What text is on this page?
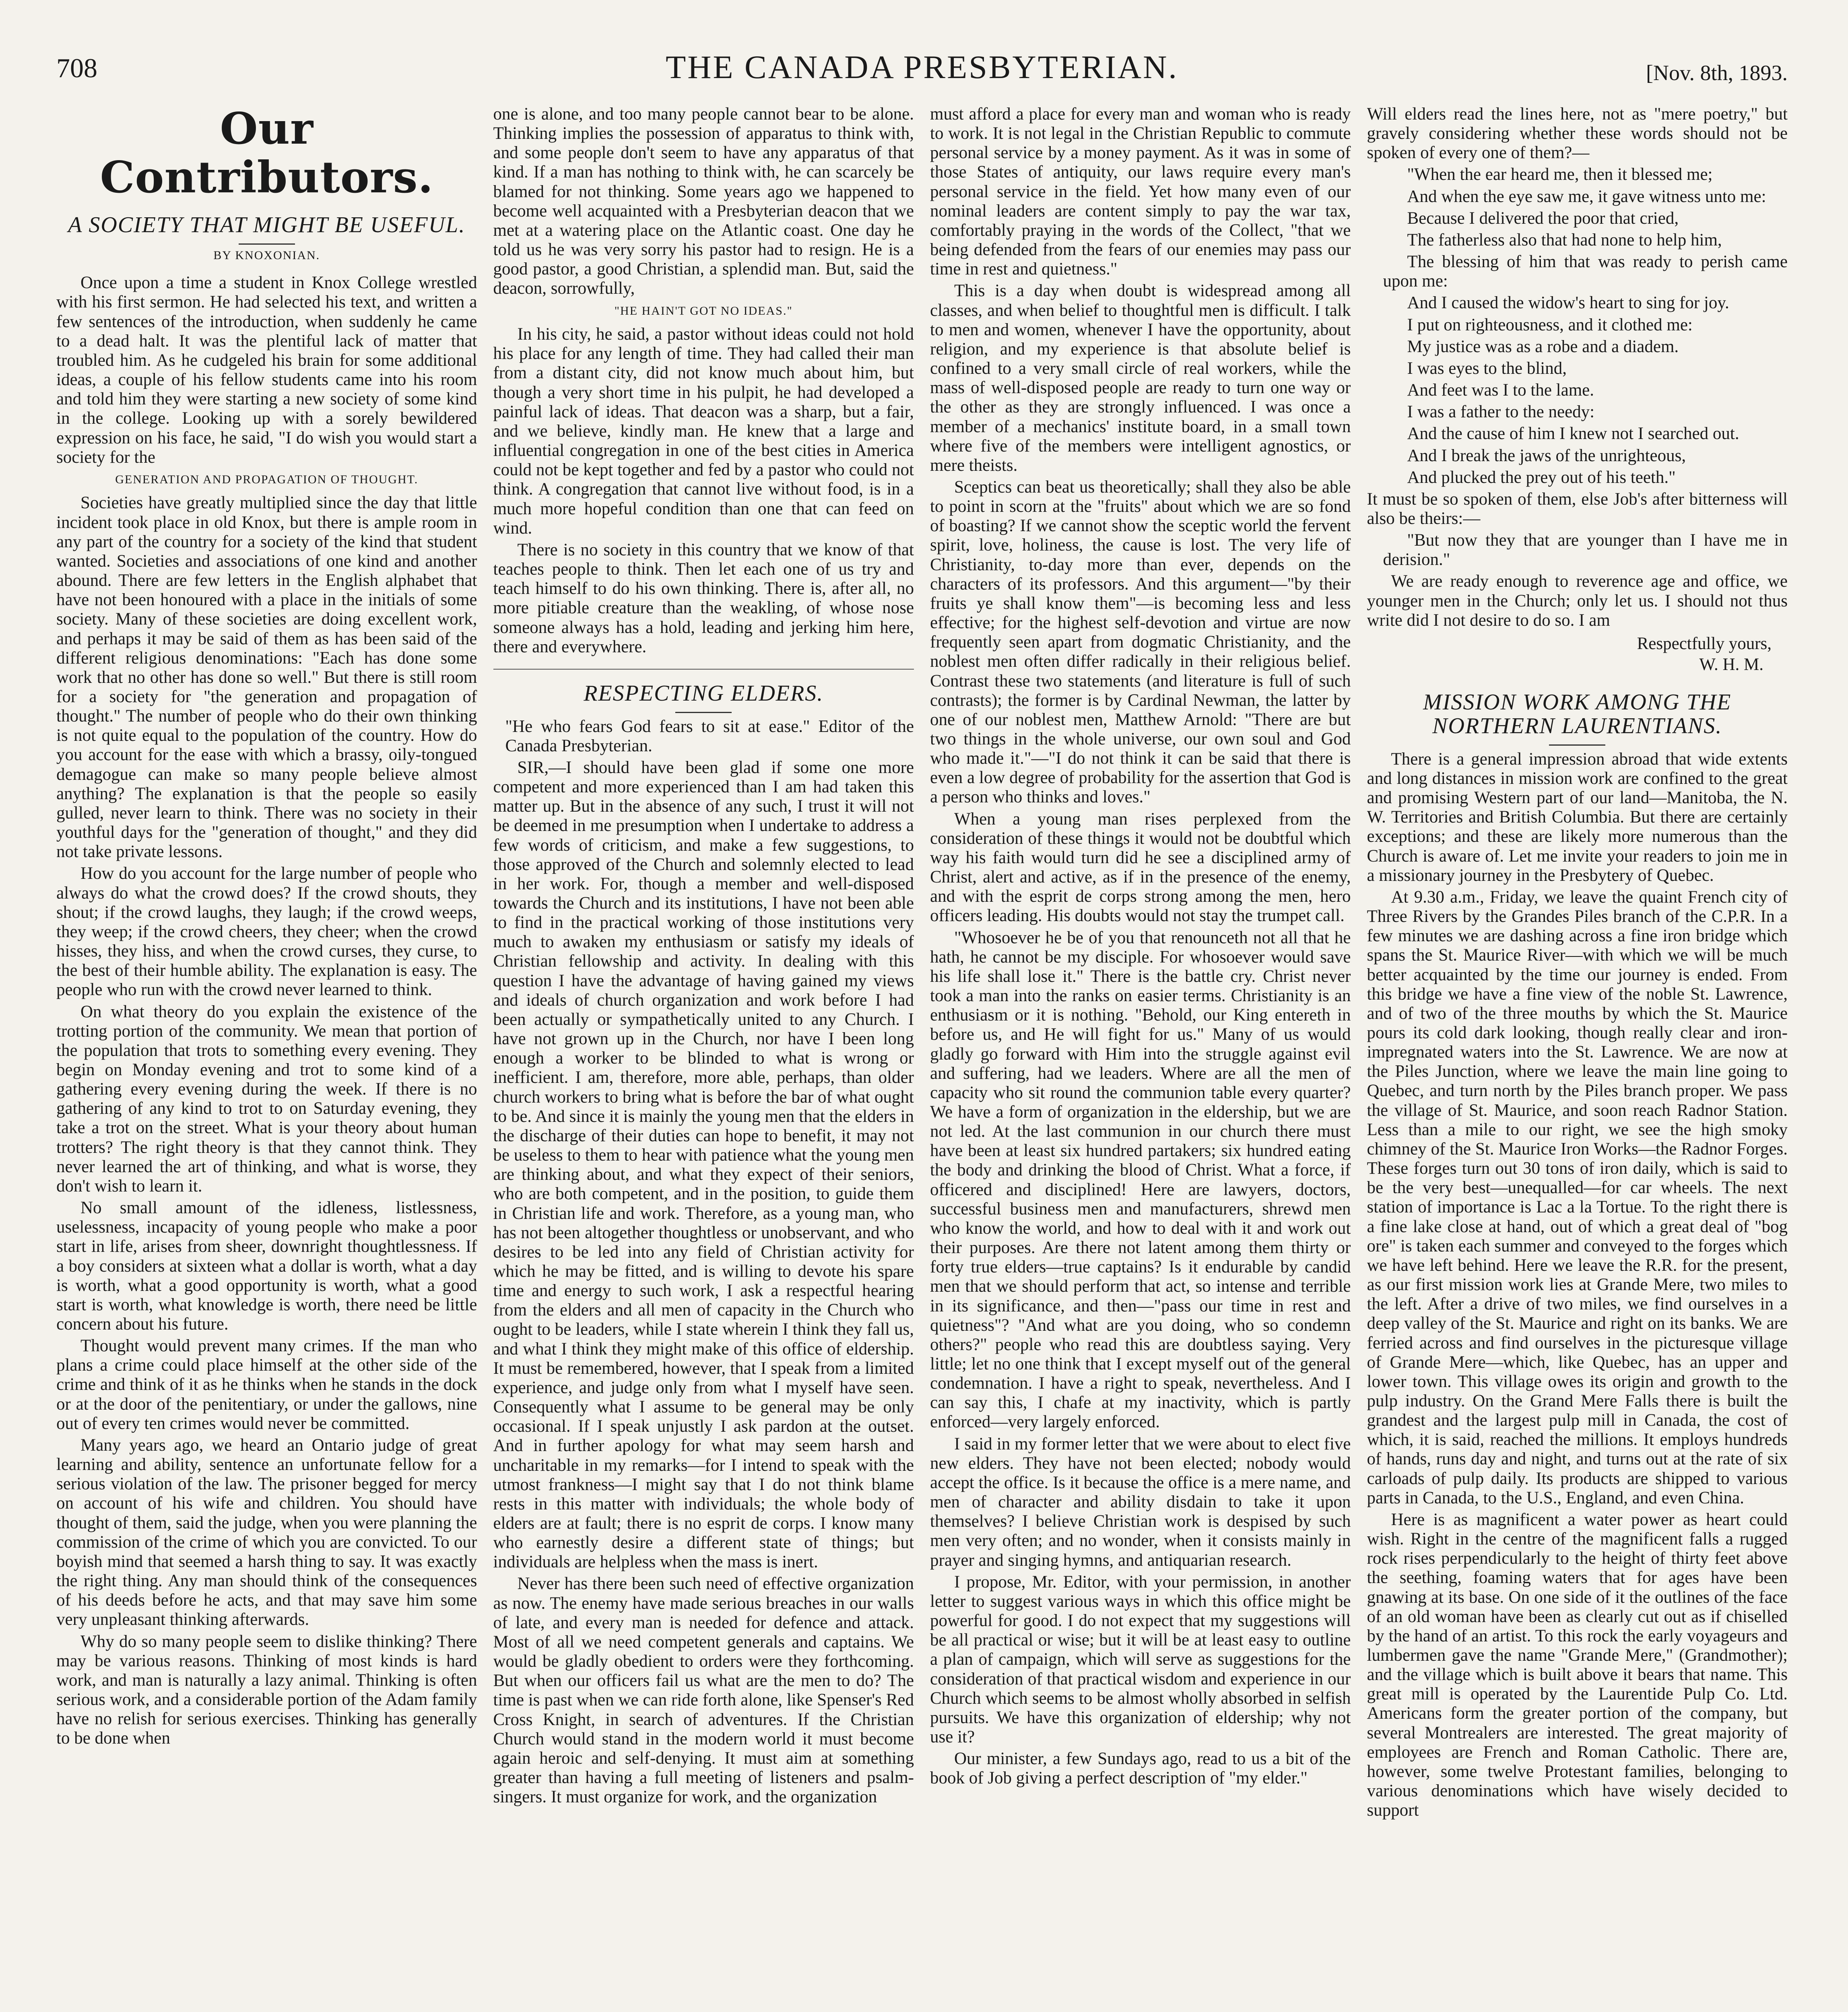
708	THE CANADA PRESBYTERIAN.	[Nov. 8th, 1893.
Our Contributors.
A SOCIETY THAT MIGHT BE USEFUL.
BY KNOXONIAN.

Once upon a time a student in Knox College wrestled with his first sermon. He had selected his text, and written a few sentences of the introduction, when suddenly he came to a dead halt. It was the plentiful lack of matter that troubled him. As he cudgeled his brain for some additional ideas, a couple of his fellow students came into his room and told him they were starting a new society of some kind in the college. Looking up with a sorely bewildered expression on his face, he said, "I do wish you would start a society for the

GENERATION AND PROPAGATION OF THOUGHT.

Societies have greatly multiplied since the day that little incident took place in old Knox, but there is ample room in any part of the country for a society of the kind that student wanted. Societies and associations of one kind and another abound. There are few letters in the English alphabet that have not been honoured with a place in the initials of some society. Many of these societies are doing excellent work, and perhaps it may be said of them as has been said of the different religious denominations: "Each has done some work that no other has done so well." But there is still room for a society for "the generation and propagation of thought." The number of people who do their own thinking is not quite equal to the population of the country. How do you account for the ease with which a brassy, oily-tongued demagogue can make so many people believe almost anything? The explanation is that the people so easily gulled, never learn to think. There was no society in their youthful days for the "generation of thought," and they did not take private lessons.

How do you account for the large number of people who always do what the crowd does? If the crowd shouts, they shout; if the crowd laughs, they laugh; if the crowd weeps, they weep; if the crowd cheers, they cheer; when the crowd hisses, they hiss, and when the crowd curses, they curse, to the best of their humble ability. The explanation is easy. The people who run with the crowd never learned to think.

On what theory do you explain the existence of the trotting portion of the community. We mean that portion of the population that trots to something every evening. They begin on Monday evening and trot to some kind of a gathering every evening during the week. If there is no gathering of any kind to trot to on Saturday evening, they take a trot on the street. What is your theory about human trotters? The right theory is that they cannot think. They never learned the art of thinking, and what is worse, they don't wish to learn it.

No small amount of the idleness, listlessness, uselessness, incapacity of young people who make a poor start in life, arises from sheer, downright thoughtlessness. If a boy considers at sixteen what a dollar is worth, what a day is worth, what a good opportunity is worth, what a good start is worth, what knowledge is worth, there need be little concern about his future.

Thought would prevent many crimes. If the man who plans a crime could place himself at the other side of the crime and think of it as he thinks when he stands in the dock or at the door of the penitentiary, or under the gallows, nine out of every ten crimes would never be committed.

Many years ago, we heard an Ontario judge of great learning and ability, sentence an unfortunate fellow for a serious violation of the law. The prisoner begged for mercy on account of his wife and children. You should have thought of them, said the judge, when you were planning the commission of the crime of which you are convicted. To our boyish mind that seemed a harsh thing to say. It was exactly the right thing. Any man should think of the consequences of his deeds before he acts, and that may save him some very unpleasant thinking afterwards.

Why do so many people seem to dislike thinking? There may be various reasons. Thinking of most kinds is hard work, and man is naturally a lazy animal. Thinking is often serious work, and a considerable portion of the Adam family have no relish for serious exercises. Thinking has generally to be done when

one is alone, and too many people cannot bear to be alone. Thinking implies the possession of apparatus to think with, and some people don't seem to have any apparatus of that kind. If a man has nothing to think with, he can scarcely be blamed for not thinking. Some years ago we happened to become well acquainted with a Presbyterian deacon that we met at a watering place on the Atlantic coast. One day he told us he was very sorry his pastor had to resign. He is a good pastor, a good Christian, a splendid man. But, said the deacon, sorrowfully,

"HE HAIN'T GOT NO IDEAS."

In his city, he said, a pastor without ideas could not hold his place for any length of time. They had called their man from a distant city, did not know much about him, but though a very short time in his pulpit, he had developed a painful lack of ideas. That deacon was a sharp, but a fair, and we believe, kindly man. He knew that a large and influential congregation in one of the best cities in America could not be kept together and fed by a pastor who could not think. A congregation that cannot live without food, is in a much more hopeful condition than one that can feed on wind.

There is no society in this country that we know of that teaches people to think. Then let each one of us try and teach himself to do his own thinking. There is, after all, no more pitiable creature than the weakling, of whose nose someone always has a hold, leading and jerking him here, there and everywhere.

RESPECTING ELDERS.

"He who fears God fears to sit at ease." Editor of the Canada Presbyterian.

SIR,—I should have been glad if some one more competent and more experienced than I am had taken this matter up. But in the absence of any such, I trust it will not be deemed in me presumption when I undertake to address a few words of criticism, and make a few suggestions, to those approved of the Church and solemnly elected to lead in her work. For, though a member and well-disposed towards the Church and its institutions, I have not been able to find in the practical working of those institutions very much to awaken my enthusiasm or satisfy my ideals of Christian fellowship and activity. In dealing with this question I have the advantage of having gained my views and ideals of church organization and work before I had been actually or sympathetically united to any Church. I have not grown up in the Church, nor have I been long enough a worker to be blinded to what is wrong or inefficient. I am, therefore, more able, perhaps, than older church workers to bring what is before the bar of what ought to be. And since it is mainly the young men that the elders in the discharge of their duties can hope to benefit, it may not be useless to them to hear with patience what the young men are thinking about, and what they expect of their seniors, who are both competent, and in the position, to guide them in Christian life and work. Therefore, as a young man, who has not been altogether thoughtless or unobservant, and who desires to be led into any field of Christian activity for which he may be fitted, and is willing to devote his spare time and energy to such work, I ask a respectful hearing from the elders and all men of capacity in the Church who ought to be leaders, while I state wherein I think they fall us, and what I think they might make of this office of eldership. It must be remembered, however, that I speak from a limited experience, and judge only from what I myself have seen. Consequently what I assume to be general may be only occasional. If I speak unjustly I ask pardon at the outset. And in further apology for what may seem harsh and uncharitable in my remarks—for I intend to speak with the utmost frankness—I might say that I do not think blame rests in this matter with individuals; the whole body of elders are at fault; there is no esprit de corps. I know many who earnestly desire a different state of things; but individuals are helpless when the mass is inert.

Never has there been such need of effective organization as now. The enemy have made serious breaches in our walls of late, and every man is needed for defence and attack. Most of all we need competent generals and captains. We would be gladly obedient to orders were they forthcoming. But when our officers fail us what are the men to do? The time is past when we can ride forth alone, like Spenser's Red Cross Knight, in search of adventures. If the Christian Church would stand in the modern world it must become again heroic and self-denying. It must aim at something greater than having a full meeting of listeners and psalm-singers. It must organize for work, and the organization

must afford a place for every man and woman who is ready to work. It is not legal in the Christian Republic to commute personal service by a money payment. As it was in some of those States of antiquity, our laws require every man's personal service in the field. Yet how many even of our nominal leaders are content simply to pay the war tax, comfortably praying in the words of the Collect, "that we being defended from the fears of our enemies may pass our time in rest and quietness."

This is a day when doubt is widespread among all classes, and when belief to thoughtful men is difficult. I talk to men and women, whenever I have the opportunity, about religion, and my experience is that absolute belief is confined to a very small circle of real workers, while the mass of well-disposed people are ready to turn one way or the other as they are strongly influenced. I was once a member of a mechanics' institute board, in a small town where five of the members were intelligent agnostics, or mere theists.

Sceptics can beat us theoretically; shall they also be able to point in scorn at the "fruits" about which we are so fond of boasting? If we cannot show the sceptic world the fervent spirit, love, holiness, the cause is lost. The very life of Christianity, to-day more than ever, depends on the characters of its professors. And this argument—"by their fruits ye shall know them"—is becoming less and less effective; for the highest self-devotion and virtue are now frequently seen apart from dogmatic Christianity, and the noblest men often differ radically in their religious belief. Contrast these two statements (and literature is full of such contrasts); the former is by Cardinal Newman, the latter by one of our noblest men, Matthew Arnold: "There are but two things in the whole universe, our own soul and God who made it."—"I do not think it can be said that there is even a low degree of probability for the assertion that God is a person who thinks and loves."

When a young man rises perplexed from the consideration of these things it would not be doubtful which way his faith would turn did he see a disciplined army of Christ, alert and active, as if in the presence of the enemy, and with the esprit de corps strong among the men, hero officers leading. His doubts would not stay the trumpet call.

"Whosoever he be of you that renounceth not all that he hath, he cannot be my disciple. For whosoever would save his life shall lose it." There is the battle cry. Christ never took a man into the ranks on easier terms. Christianity is an enthusiasm or it is nothing. "Behold, our King entereth in before us, and He will fight for us." Many of us would gladly go forward with Him into the struggle against evil and suffering, had we leaders. Where are all the men of capacity who sit round the communion table every quarter? We have a form of organization in the eldership, but we are not led. At the last communion in our church there must have been at least six hundred partakers; six hundred eating the body and drinking the blood of Christ. What a force, if officered and disciplined! Here are lawyers, doctors, successful business men and manufacturers, shrewd men who know the world, and how to deal with it and work out their purposes. Are there not latent among them thirty or forty true elders—true captains? Is it endurable by candid men that we should perform that act, so intense and terrible in its significance, and then—"pass our time in rest and quietness"? "And what are you doing, who so condemn others?" people who read this are doubtless saying. Very little; let no one think that I except myself out of the general condemnation. I have a right to speak, nevertheless. And I can say this, I chafe at my inactivity, which is partly enforced—very largely enforced.

I said in my former letter that we were about to elect five new elders. They have not been elected; nobody would accept the office. Is it because the office is a mere name, and men of character and ability disdain to take it upon themselves? I believe Christian work is despised by such men very often; and no wonder, when it consists mainly in prayer and singing hymns, and antiquarian research.

I propose, Mr. Editor, with your permission, in another letter to suggest various ways in which this office might be powerful for good. I do not expect that my suggestions will be all practical or wise; but it will be at least easy to outline a plan of campaign, which will serve as suggestions for the consideration of that practical wisdom and experience in our Church which seems to be almost wholly absorbed in selfish pursuits. We have this organization of eldership; why not use it?

Our minister, a few Sundays ago, read to us a bit of the book of Job giving a perfect description of "my elder."

Will elders read the lines here, not as "mere poetry," but gravely considering whether these words should not be spoken of every one of them?—

"When the ear heard me, then it blessed me;

And when the eye saw me, it gave witness unto me:

Because I delivered the poor that cried,

The fatherless also that had none to help him,

The blessing of him that was ready to perish came upon me:

And I caused the widow's heart to sing for joy.

I put on righteousness, and it clothed me:

My justice was as a robe and a diadem.

I was eyes to the blind,

And feet was I to the lame.

I was a father to the needy:

And the cause of him I knew not I searched out.

And I break the jaws of the unrighteous,

And plucked the prey out of his teeth."

It must be so spoken of them, else Job's after bitterness will also be theirs:—

"But now they that are younger than I have me in derision."

We are ready enough to reverence age and office, we younger men in the Church; only let us. I should not thus write did I not desire to do so. I am

Respectfully yours,
W. H. M.
MISSION WORK AMONG THE NORTHERN LAURENTIANS.

There is a general impression abroad that wide extents and long distances in mission work are confined to the great and promising Western part of our land—Manitoba, the N. W. Territories and British Columbia. But there are certainly exceptions; and these are likely more numerous than the Church is aware of. Let me invite your readers to join me in a missionary journey in the Presbytery of Quebec.

At 9.30 a.m., Friday, we leave the quaint French city of Three Rivers by the Grandes Piles branch of the C.P.R. In a few minutes we are dashing across a fine iron bridge which spans the St. Maurice River—with which we will be much better acquainted by the time our journey is ended. From this bridge we have a fine view of the noble St. Lawrence, and of two of the three mouths by which the St. Maurice pours its cold dark looking, though really clear and iron-impregnated waters into the St. Lawrence. We are now at the Piles Junction, where we leave the main line going to Quebec, and turn north by the Piles branch proper. We pass the village of St. Maurice, and soon reach Radnor Station. Less than a mile to our right, we see the high smoky chimney of the St. Maurice Iron Works—the Radnor Forges. These forges turn out 30 tons of iron daily, which is said to be the very best—unequalled—for car wheels. The next station of importance is Lac a la Tortue. To the right there is a fine lake close at hand, out of which a great deal of "bog ore" is taken each summer and conveyed to the forges which we have left behind. Here we leave the R.R. for the present, as our first mission work lies at Grande Mere, two miles to the left. After a drive of two miles, we find ourselves in a deep valley of the St. Maurice and right on its banks. We are ferried across and find ourselves in the picturesque village of Grande Mere—which, like Quebec, has an upper and lower town. This village owes its origin and growth to the pulp industry. On the Grand Mere Falls there is built the grandest and the largest pulp mill in Canada, the cost of which, it is said, reached the millions. It employs hundreds of hands, runs day and night, and turns out at the rate of six carloads of pulp daily. Its products are shipped to various parts in Canada, to the U.S., England, and even China.

Here is as magnificent a water power as heart could wish. Right in the centre of the magnificent falls a rugged rock rises perpendicularly to the height of thirty feet above the seething, foaming waters that for ages have been gnawing at its base. On one side of it the outlines of the face of an old woman have been as clearly cut out as if chiselled by the hand of an artist. To this rock the early voyageurs and lumbermen gave the name "Grande Mere," (Grandmother); and the village which is built above it bears that name. This great mill is operated by the Laurentide Pulp Co. Ltd. Americans form the greater portion of the company, but several Montrealers are interested. The great majority of employees are French and Roman Catholic. There are, however, some twelve Protestant families, belonging to various denominations which have wisely decided to support
